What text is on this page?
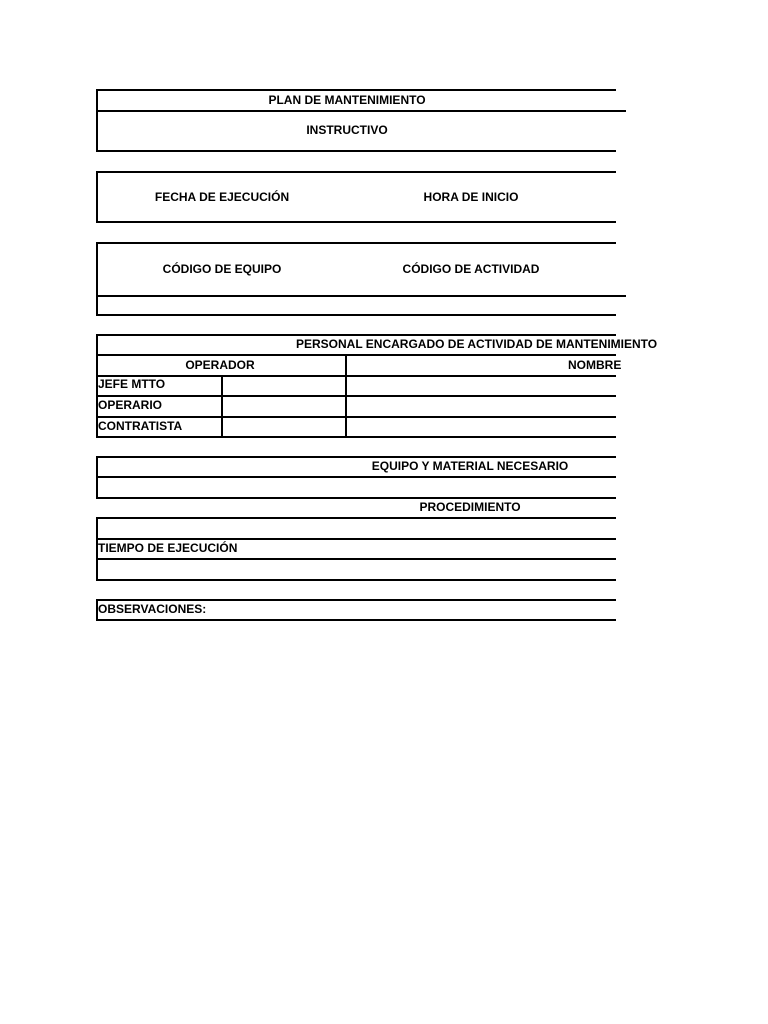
PLAN DE MANTENIMIENTO
INSTRUCTIVO
FECHA DE EJECUCIÓN	HORA DE INICIO
CÓDIGO DE EQUIPO	CÓDIGO DE ACTIVIDAD
PERSONAL ENCARGADO DE ACTIVIDAD DE MANTENIMIENTO
OPERADOR	NOMBRE
JEFE MTTO
OPERARIO
CONTRATISTA
EQUIPO Y MATERIAL NECESARIO
PROCEDIMIENTO
TIEMPO DE EJECUCIÓN
OBSERVACIONES:
